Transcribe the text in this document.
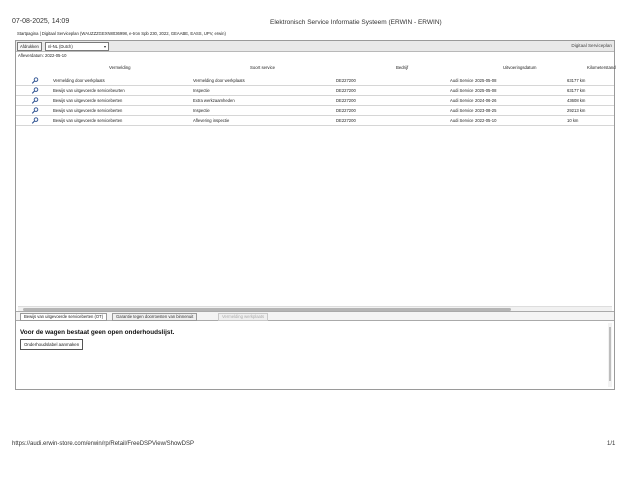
07-08-2025, 14:09	Elektronisch Service Informatie Systeem (ERWIN - ERWIN)
Startpagina | Digitaal Serviceplan (WAUZZZGEXN8036998, e-tron Spb 230, 2022, GEAABE, EASS, UPV, erwin)
Afdrukken	nl-NL (Dutch)	▾	Digitaal Serviceplan
Afleverdatum: 2022-05-10
Vermelding	Soort service	Bedrijf	Uitvoeringsdatum	Kilometerstand
Vermelding door werkplaats	Vermelding door werkplaats	DE227200	Audi Service 2025-05-08	63177 km
Bewijs van uitgevoerde servicebeurten	Inspectie	DE227200	Audi Service 2025-05-08	63177 km
Bewijs van uitgevoerde serviceberten	Extra werkzaamheden	DE227200	Audi Service 2024-06-26	43608 km
Bewijs van uitgevoerde serviceberten	Inspectie	DE227200	Audi Service 2023-08-25	29213 km
Bewijs van uitgevoerde serviceberten	Aflevering inspectie	DE227200	Audi Service 2022-05-10	10 km
Bewijs van uitgevoerde serviceberten (OT)	Garantie tegen doorroesten van binnenuit	Vermelding werkplaats
Voor de wagen bestaat geen open onderhoudslijst.
Onderhoudslabel aanmaken
https://audi.erwin-store.com/erwin/rp/Retail/FreeDSPView/ShowDSP	1/1
